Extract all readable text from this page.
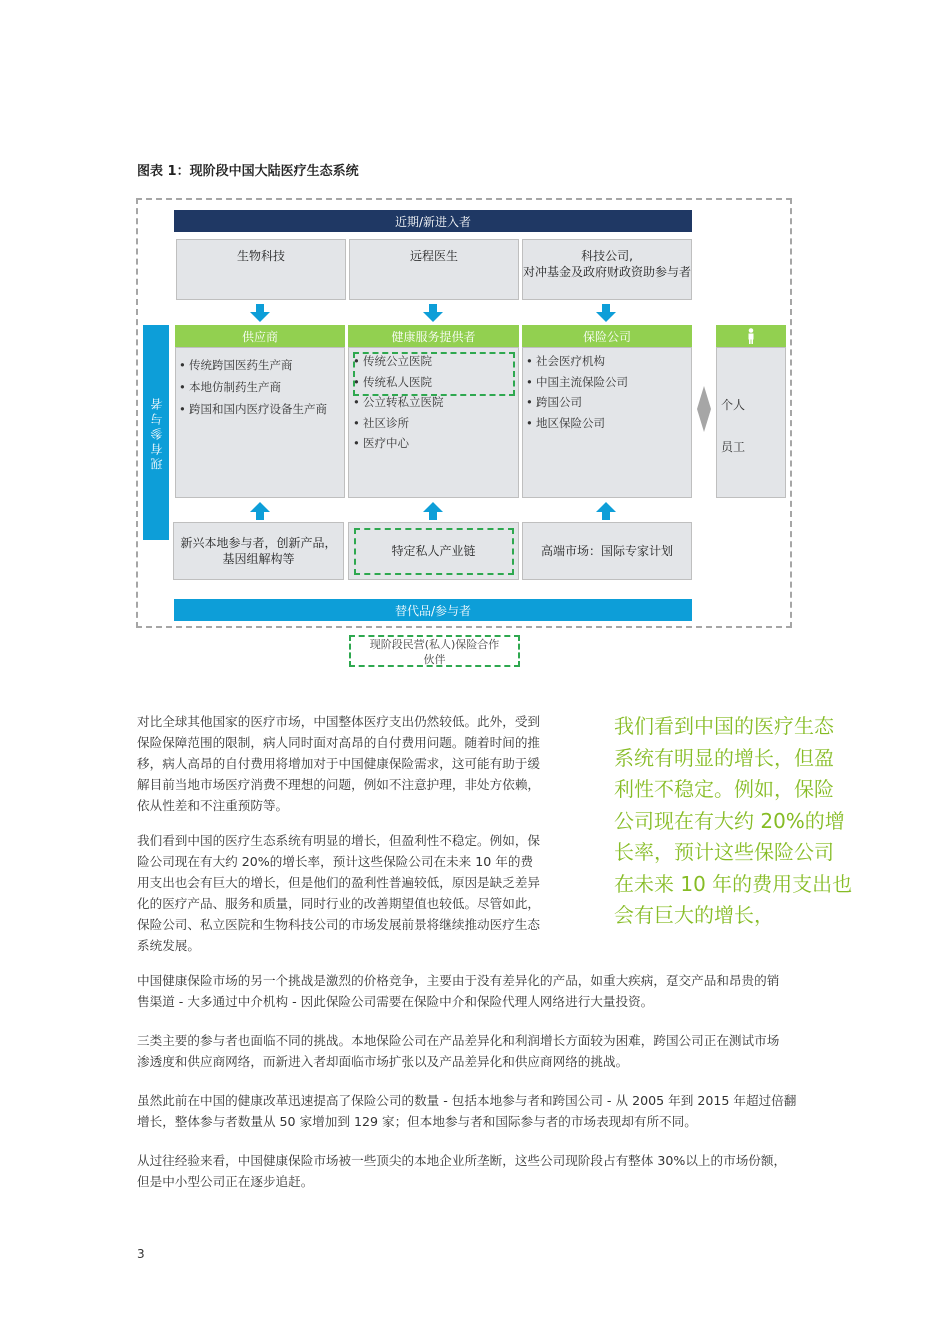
图表 1：现阶段中国大陆医疗生态系统
近期/新进入者
生物科技	远程医生	科技公司,
对冲基金及政府财政资助参与者
现有参与者
供应商
• 传统跨国医药生产商
• 本地仿制药生产商
• 跨国和国内医疗设备生产商
健康服务提供者
• 传统公立医院
• 传统私人医院
• 公立转私立医院
• 社区诊所
• 医疗中心
保险公司
• 社会医疗机构
• 中国主流保险公司
• 跨国公司
• 地区保险公司
个人
员工
新兴本地参与者，创新产品，
基因组解构等
特定私人产业链	高端市场：国际专家计划
替代品/参与者
现阶段民营(私人)保险合作
伙伴
对比全球其他国家的医疗市场，中国整体医疗支出仍然较低。此外，受到
保险保障范围的限制，病人同时面对高昂的自付费用问题。随着时间的推
移，病人高昂的自付费用将增加对于中国健康保险需求，这可能有助于缓
解目前当地市场医疗消费不理想的问题，例如不注意护理，非处方依赖，
依从性差和不注重预防等。
我们看到中国的医疗生态系统有明显的增长，但盈利性不稳定。例如，保
险公司现在有大约 20%的增长率，预计这些保险公司在未来 10 年的费
用支出也会有巨大的增长，但是他们的盈利性普遍较低，原因是缺乏差异
化的医疗产品、服务和质量，同时行业的改善期望值也较低。尽管如此，
保险公司、私立医院和生物科技公司的市场发展前景将继续推动医疗生态
系统发展。
我们看到中国的医疗生态
系统有明显的增长，但盈
利性不稳定。例如，保险
公司现在有大约 20%的增
长率，预计这些保险公司
在未来 10 年的费用支出也
会有巨大的增长，
中国健康保险市场的另一个挑战是激烈的价格竞争，主要由于没有差异化的产品，如重大疾病，趸交产品和昂贵的销
售渠道 - 大多通过中介机构 - 因此保险公司需要在保险中介和保险代理人网络进行大量投资。
三类主要的参与者也面临不同的挑战。本地保险公司在产品差异化和利润增长方面较为困难，跨国公司正在测试市场
渗透度和供应商网络，而新进入者却面临市场扩张以及产品差异化和供应商网络的挑战。
虽然此前在中国的健康改革迅速提高了保险公司的数量 - 包括本地参与者和跨国公司 - 从 2005 年到 2015 年超过倍翻
增长，整体参与者数量从 50 家增加到 129 家；但本地参与者和国际参与者的市场表现却有所不同。
从过往经验来看，中国健康保险市场被一些顶尖的本地企业所垄断，这些公司现阶段占有整体 30%以上的市场份额，
但是中小型公司正在逐步追赶。
3
